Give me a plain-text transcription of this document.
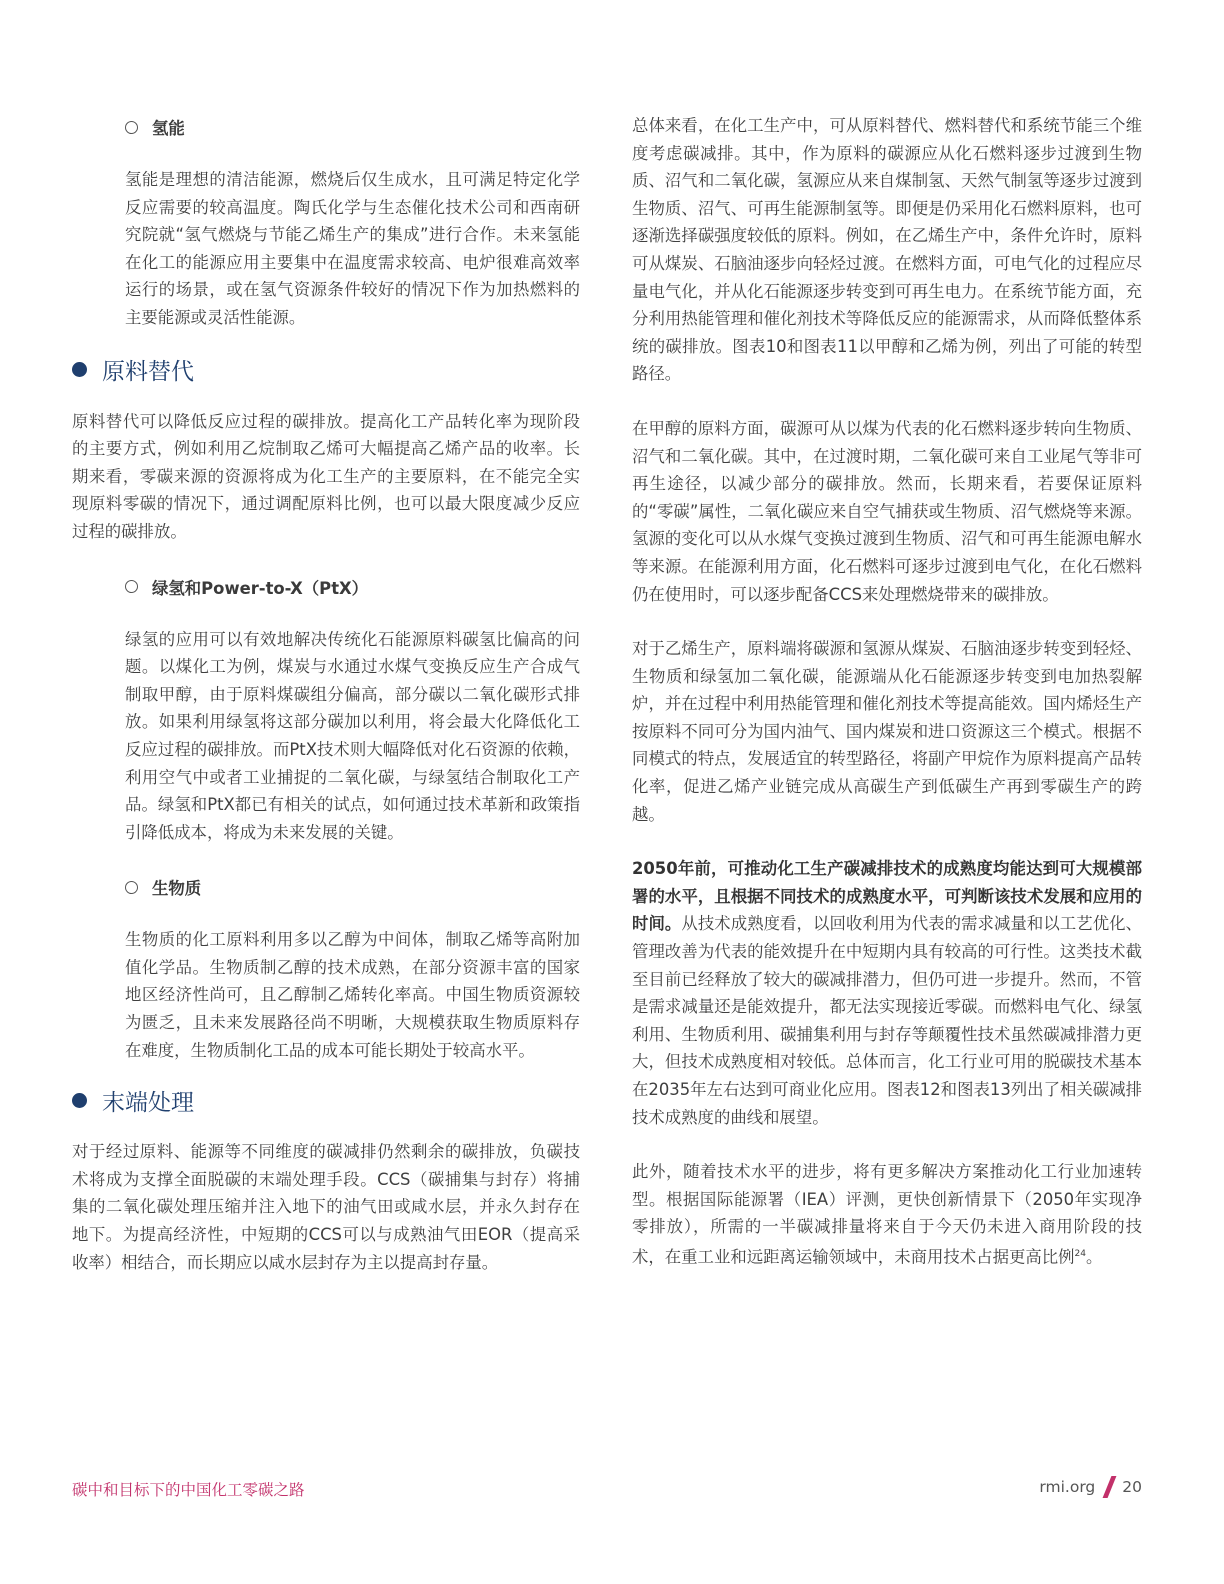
氢能

氢能是理想的清洁能源，燃烧后仅生成水，且可满足特定化学反应需要的较高温度。陶氏化学与生态催化技术公司和西南研究院就“氢气燃烧与节能乙烯生产的集成”进行合作。未来氢能在化工的能源应用主要集中在温度需求较高、电炉很难高效率运行的场景，或在氢气资源条件较好的情况下作为加热燃料的主要能源或灵活性能源。

原料替代

原料替代可以降低反应过程的碳排放。提高化工产品转化率为现阶段的主要方式，例如利用乙烷制取乙烯可大幅提高乙烯产品的收率。长期来看，零碳来源的资源将成为化工生产的主要原料，在不能完全实现原料零碳的情况下，通过调配原料比例，也可以最大限度减少反应过程的碳排放。

绿氢和Power-to-X（PtX）

绿氢的应用可以有效地解决传统化石能源原料碳氢比偏高的问题。以煤化工为例，煤炭与水通过水煤气变换反应生产合成气制取甲醇，由于原料煤碳组分偏高，部分碳以二氧化碳形式排放。如果利用绿氢将这部分碳加以利用，将会最大化降低化工反应过程的碳排放。而PtX技术则大幅降低对化石资源的依赖，利用空气中或者工业捕捉的二氧化碳，与绿氢结合制取化工产品。绿氢和PtX都已有相关的试点，如何通过技术革新和政策指引降低成本，将成为未来发展的关键。

生物质

生物质的化工原料利用多以乙醇为中间体，制取乙烯等高附加值化学品。生物质制乙醇的技术成熟，在部分资源丰富的国家地区经济性尚可，且乙醇制乙烯转化率高。中国生物质资源较为匮乏，且未来发展路径尚不明晰，大规模获取生物质原料存在难度，生物质制化工品的成本可能长期处于较高水平。

末端处理

对于经过原料、能源等不同维度的碳减排仍然剩余的碳排放，负碳技术将成为支撑全面脱碳的末端处理手段。CCS（碳捕集与封存）将捕集的二氧化碳处理压缩并注入地下的油气田或咸水层，并永久封存在地下。为提高经济性，中短期的CCS可以与成熟油气田EOR（提高采收率）相结合，而长期应以咸水层封存为主以提高封存量。

总体来看，在化工生产中，可从原料替代、燃料替代和系统节能三个维度考虑碳减排。其中，作为原料的碳源应从化石燃料逐步过渡到生物质、沼气和二氧化碳，氢源应从来自煤制氢、天然气制氢等逐步过渡到生物质、沼气、可再生能源制氢等。即便是仍采用化石燃料原料，也可逐渐选择碳强度较低的原料。例如，在乙烯生产中，条件允许时，原料可从煤炭、石脑油逐步向轻烃过渡。在燃料方面，可电气化的过程应尽量电气化，并从化石能源逐步转变到可再生电力。在系统节能方面，充分利用热能管理和催化剂技术等降低反应的能源需求，从而降低整体系统的碳排放。图表10和图表11以甲醇和乙烯为例，列出了可能的转型路径。

在甲醇的原料方面，碳源可从以煤为代表的化石燃料逐步转向生物质、沼气和二氧化碳。其中，在过渡时期，二氧化碳可来自工业尾气等非可再生途径，以减少部分的碳排放。然而，长期来看，若要保证原料的“零碳”属性，二氧化碳应来自空气捕获或生物质、沼气燃烧等来源。氢源的变化可以从水煤气变换过渡到生物质、沼气和可再生能源电解水等来源。在能源利用方面，化石燃料可逐步过渡到电气化，在化石燃料仍在使用时，可以逐步配备CCS来处理燃烧带来的碳排放。

对于乙烯生产，原料端将碳源和氢源从煤炭、石脑油逐步转变到轻烃、生物质和绿氢加二氧化碳，能源端从化石能源逐步转变到电加热裂解炉，并在过程中利用热能管理和催化剂技术等提高能效。国内烯烃生产按原料不同可分为国内油气、国内煤炭和进口资源这三个模式。根据不同模式的特点，发展适宜的转型路径，将副产甲烷作为原料提高产品转化率，促进乙烯产业链完成从高碳生产到低碳生产再到零碳生产的跨越。

2050年前，可推动化工生产碳减排技术的成熟度均能达到可大规模部署的水平，且根据不同技术的成熟度水平，可判断该技术发展和应用的时间。从技术成熟度看，以回收利用为代表的需求减量和以工艺优化、管理改善为代表的能效提升在中短期内具有较高的可行性。这类技术截至目前已经释放了较大的碳减排潜力，但仍可进一步提升。然而，不管是需求减量还是能效提升，都无法实现接近零碳。而燃料电气化、绿氢利用、生物质利用、碳捕集利用与封存等颠覆性技术虽然碳减排潜力更大，但技术成熟度相对较低。总体而言，化工行业可用的脱碳技术基本在2035年左右达到可商业化应用。图表12和图表13列出了相关碳减排技术成熟度的曲线和展望。

此外，随着技术水平的进步，将有更多解决方案推动化工行业加速转型。根据国际能源署（IEA）评测，更快创新情景下（2050年实现净零排放），所需的一半碳减排量将来自于今天仍未进入商用阶段的技术，在重工业和远距离运输领域中，未商用技术占据更高比例$^{24}$。

碳中和目标下的中国化工零碳之路	rmi.org 20
